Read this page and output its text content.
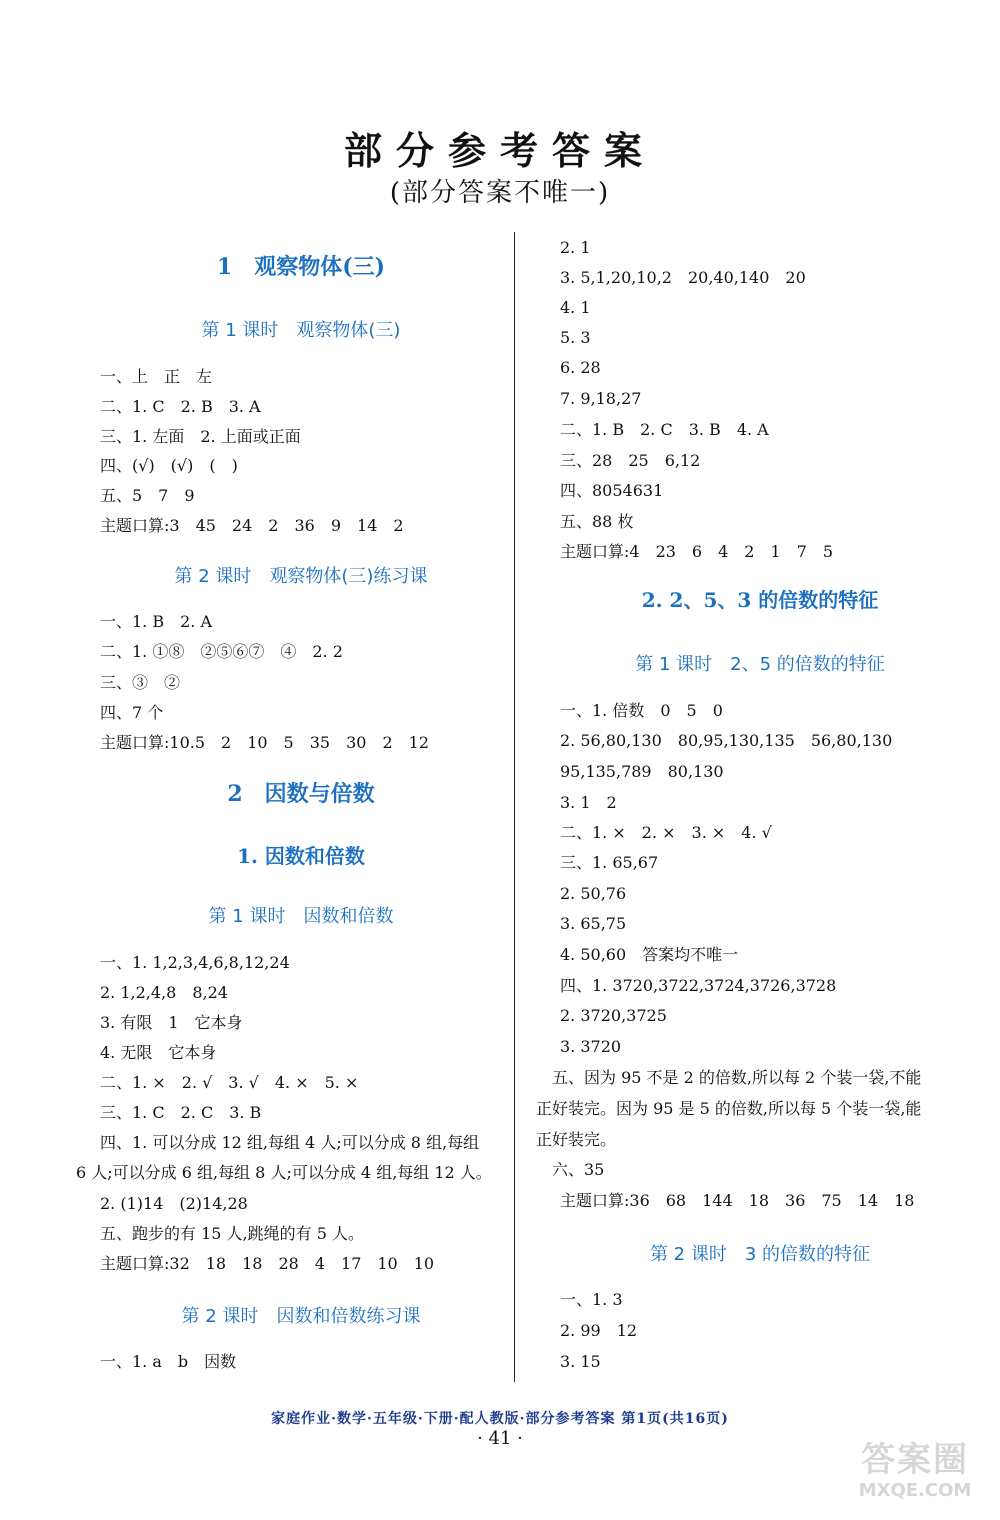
部分参考答案
(部分答案不唯一)
1　观察物体(三)
第 1 课时　观察物体(三)
一、上　正　左
二、1. C　2. B　3. A
三、1. 左面　2. 上面或正面
四、(√)　(√)　(　)
五、5　7　9
主题口算:3　45　24　2　36　9　14　2
第 2 课时　观察物体(三)练习课
一、1. B　2. A
二、1. ①⑧　②⑤⑥⑦　④　2. 2
三、③　②
四、7 个
主题口算:10.5　2　10　5　35　30　2　12
2　因数与倍数
1. 因数和倍数
第 1 课时　因数和倍数
一、1. 1,2,3,4,6,8,12,24
2. 1,2,4,8　8,24
3. 有限　1　它本身
4. 无限　它本身
二、1. ×　2. √　3. √　4. ×　5. ×
三、1. C　2. C　3. B
四、1. 可以分成 12 组,每组 4 人;可以分成 8 组,每组
6 人;可以分成 6 组,每组 8 人;可以分成 4 组,每组 12 人。
2. (1)14　(2)14,28
五、跑步的有 15 人,跳绳的有 5 人。
主题口算:32　18　18　28　4　17　10　10
第 2 课时　因数和倍数练习课
一、1. a　b　因数
2. 1
3. 5,1,20,10,2　20,40,140　20
4. 1
5. 3
6. 28
7. 9,18,27
二、1. B　2. C　3. B　4. A
三、28　25　6,12
四、8054631
五、88 枚
主题口算:4　23　6　4　2　1　7　5
2. 2、5、3 的倍数的特征
第 1 课时　2、5 的倍数的特征
一、1. 倍数　0　5　0
2. 56,80,130　80,95,130,135　56,80,130
95,135,789　80,130
3. 1　2
二、1. ×　2. ×　3. ×　4. √
三、1. 65,67
2. 50,76
3. 65,75
4. 50,60　答案均不唯一
四、1. 3720,3722,3724,3726,3728
2. 3720,3725
3. 3720
　五、因为 95 不是 2 的倍数,所以每 2 个装一袋,不能
正好装完。因为 95 是 5 的倍数,所以每 5 个装一袋,能
正好装完。
　六、35
主题口算:36　68　144　18　36　75　14　18
第 2 课时　3 的倍数的特征
一、1. 3
2. 99　12
3. 15
家庭作业·数学·五年级·下册·配人教版·部分参考答案 第1页(共16页)
· 41 ·
答案圈
MXQE.COM
